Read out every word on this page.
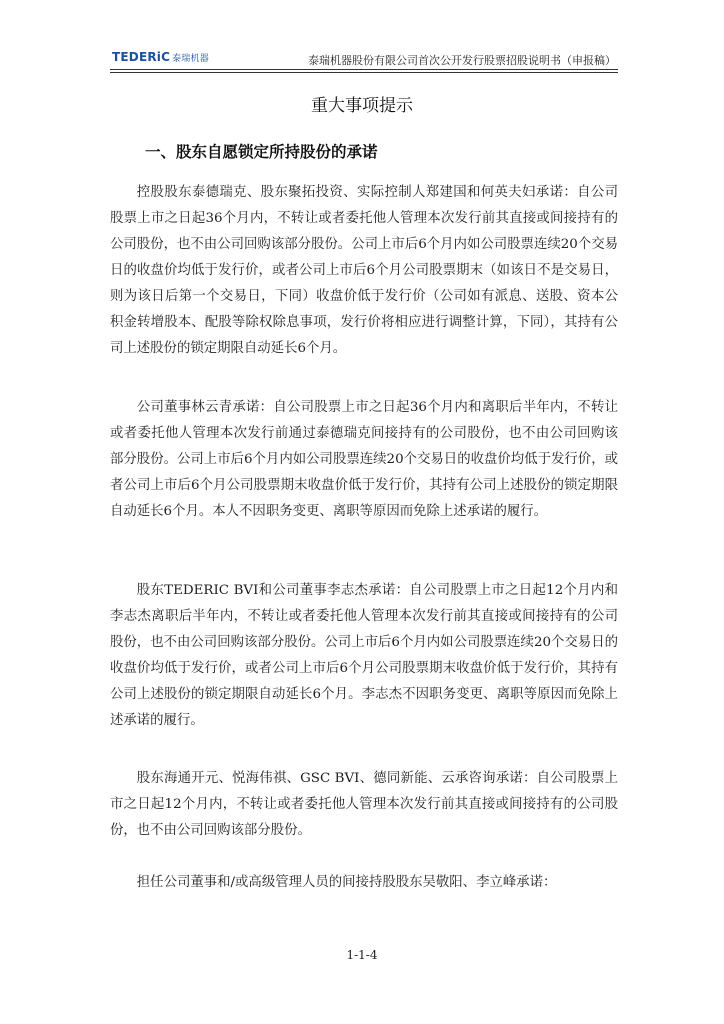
TEDERiC 泰瑞机器	泰瑞机器股份有限公司首次公开发行股票招股说明书（申报稿）
重大事项提示
一、股东自愿锁定所持股份的承诺

控股股东泰德瑞克、股东聚拓投资、实际控制人郑建国和何英夫妇承诺：自公司股票上市之日起36个月内，不转让或者委托他人管理本次发行前其直接或间接持有的公司股份，也不由公司回购该部分股份。公司上市后6个月内如公司股票连续20个交易日的收盘价均低于发行价，或者公司上市后6个月公司股票期末（如该日不是交易日，则为该日后第一个交易日，下同）收盘价低于发行价（公司如有派息、送股、资本公积金转增股本、配股等除权除息事项，发行价将相应进行调整计算，下同），其持有公司上述股份的锁定期限自动延长6个月。

公司董事林云青承诺：自公司股票上市之日起36个月内和离职后半年内，不转让或者委托他人管理本次发行前通过泰德瑞克间接持有的公司股份，也不由公司回购该部分股份。公司上市后6个月内如公司股票连续20个交易日的收盘价均低于发行价，或者公司上市后6个月公司股票期末收盘价低于发行价，其持有公司上述股份的锁定期限自动延长6个月。本人不因职务变更、离职等原因而免除上述承诺的履行。

股东TEDERIC BVI和公司董事李志杰承诺：自公司股票上市之日起12个月内和李志杰离职后半年内，不转让或者委托他人管理本次发行前其直接或间接持有的公司股份，也不由公司回购该部分股份。公司上市后6个月内如公司股票连续20个交易日的收盘价均低于发行价，或者公司上市后6个月公司股票期末收盘价低于发行价，其持有公司上述股份的锁定期限自动延长6个月。李志杰不因职务变更、离职等原因而免除上述承诺的履行。

股东海通开元、悦海伟祺、GSC BVI、德同新能、云承咨询承诺：自公司股票上市之日起12个月内，不转让或者委托他人管理本次发行前其直接或间接持有的公司股份，也不由公司回购该部分股份。

担任公司董事和/或高级管理人员的间接持股股东吴敬阳、李立峰承诺：

1-1-4
